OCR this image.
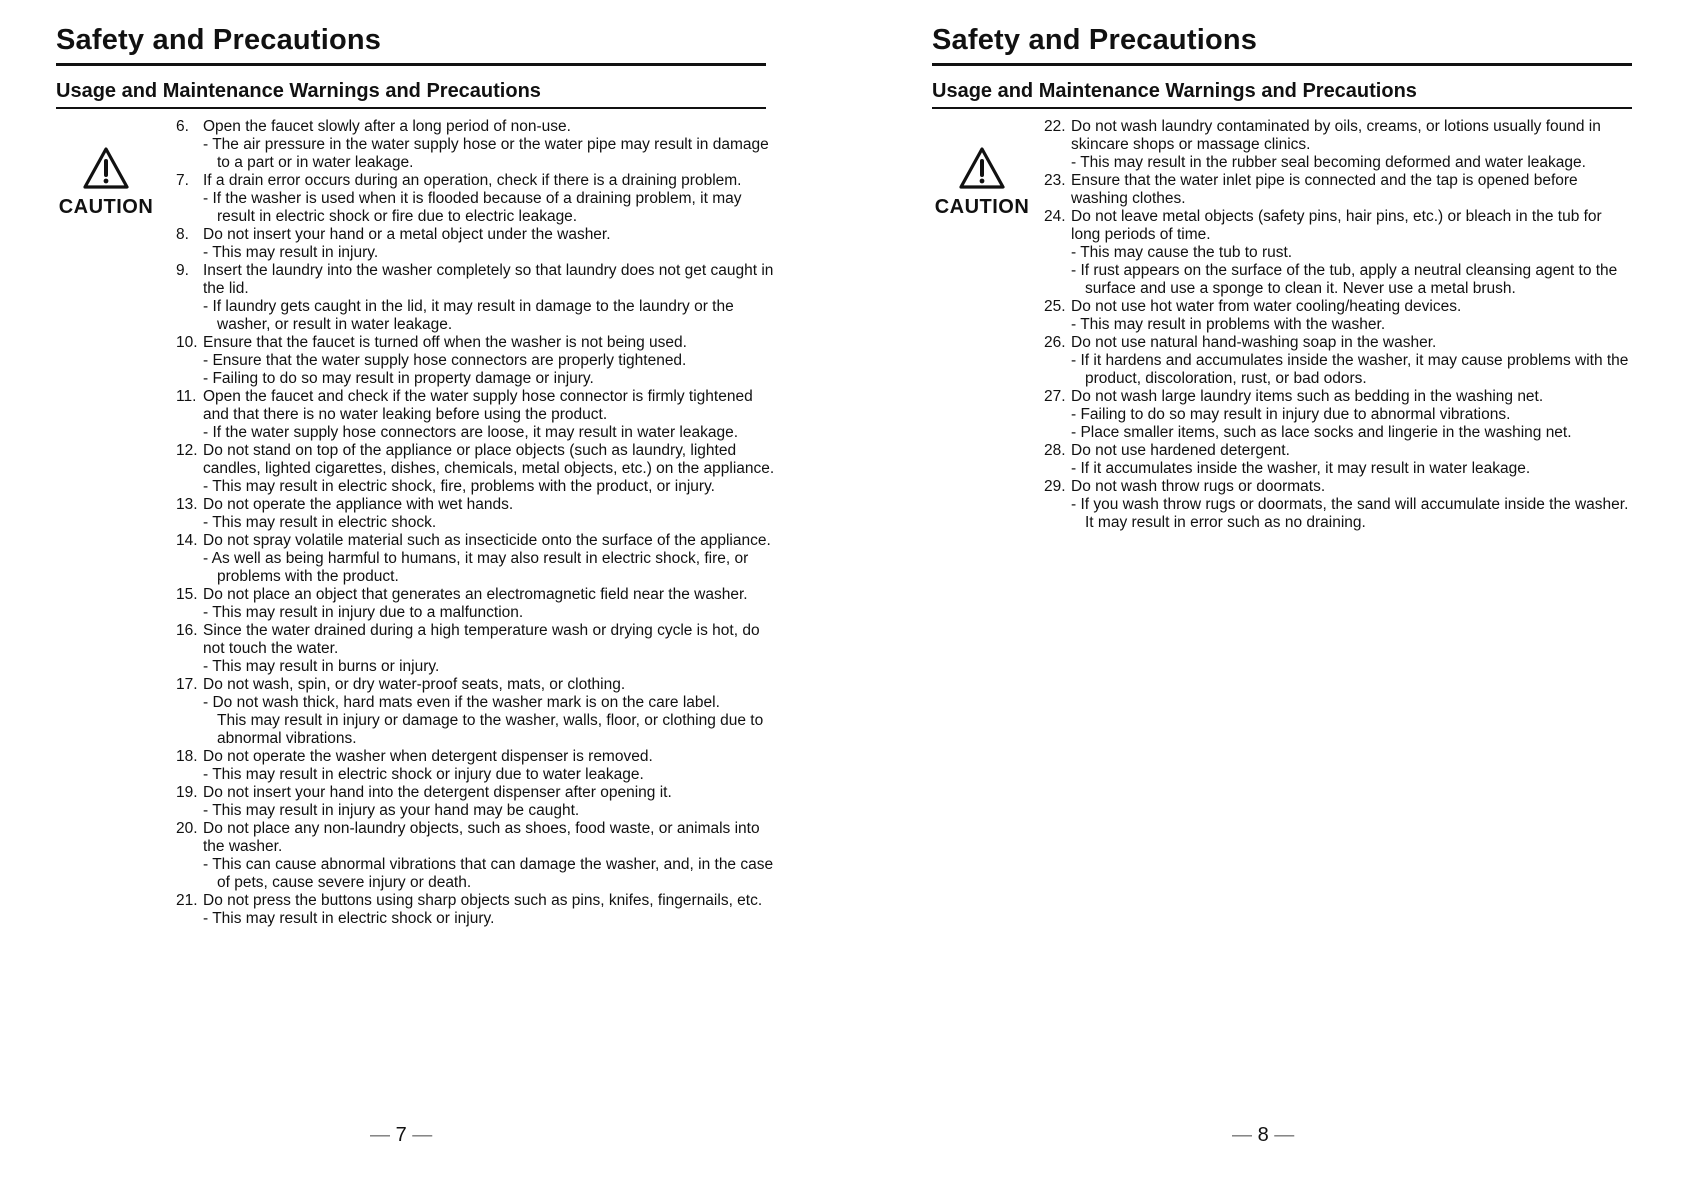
Safety and Precautions
Usage and Maintenance Warnings and Precautions
CAUTION
6. Open the faucet slowly after a long period of non-use.
- The air pressure in the water supply hose or the water pipe may result in damage to a part or in water leakage.
7. If a drain error occurs during an operation, check if there is a draining problem.
- If the washer is used when it is flooded because of a draining problem, it may result in electric shock or fire due to electric leakage.
8. Do not insert your hand or a metal object under the washer.
- This may result in injury.
9. Insert the laundry into the washer completely so that laundry does not get caught in the lid.
- If laundry gets caught in the lid, it may result in damage to the laundry or the washer, or result in water leakage.
10. Ensure that the faucet is turned off when the washer is not being used.
- Ensure that the water supply hose connectors are properly tightened.
- Failing to do so may result in property damage or injury.
11. Open the faucet and check if the water supply hose connector is firmly tightened and that there is no water leaking before using the product.
- If the water supply hose connectors are loose, it may result in water leakage.
12. Do not stand on top of the appliance or place objects (such as laundry, lighted candles, lighted cigarettes, dishes, chemicals, metal objects, etc.) on the appliance.
- This may result in electric shock, fire, problems with the product, or injury.
13. Do not operate the appliance with wet hands.
- This may result in electric shock.
14. Do not spray volatile material such as insecticide onto the surface of the appliance.
- As well as being harmful to humans, it may also result in electric shock, fire, or problems with the product.
15. Do not place an object that generates an electromagnetic field near the washer.
- This may result in injury due to a malfunction.
16. Since the water drained during a high temperature wash or drying cycle is hot, do not touch the water.
- This may result in burns or injury.
17. Do not wash, spin, or dry water-proof seats, mats, or clothing.
- Do not wash thick, hard mats even if the washer mark is on the care label.
This may result in injury or damage to the washer, walls, floor, or clothing due to abnormal vibrations.
18. Do not operate the washer when detergent dispenser is removed.
- This may result in electric shock or injury due to water leakage.
19. Do not insert your hand into the detergent dispenser after opening it.
- This may result in injury as your hand may be caught.
20. Do not place any non-laundry objects, such as shoes, food waste, or animals into the washer.
- This can cause abnormal vibrations that can damage the washer, and, in the case of pets, cause severe injury or death.
21. Do not press the buttons using sharp objects such as pins, knifes, fingernails, etc.
- This may result in electric shock or injury.
— 7 —
Safety and Precautions
Usage and Maintenance Warnings and Precautions
CAUTION
22. Do not wash laundry contaminated by oils, creams, or lotions usually found in skincare shops or massage clinics.
- This may result in the rubber seal becoming deformed and water leakage.
23. Ensure that the water inlet pipe is connected and the tap is opened before washing clothes.
24. Do not leave metal objects (safety pins, hair pins, etc.) or bleach in the tub for long periods of time.
- This may cause the tub to rust.
- If rust appears on the surface of the tub, apply a neutral cleansing agent to the surface and use a sponge to clean it. Never use a metal brush.
25. Do not use hot water from water cooling/heating devices.
- This may result in problems with the washer.
26. Do not use natural hand-washing soap in the washer.
- If it hardens and accumulates inside the washer, it may cause problems with the product, discoloration, rust, or bad odors.
27. Do not wash large laundry items such as bedding in the washing net.
- Failing to do so may result in injury due to abnormal vibrations.
- Place smaller items, such as lace socks and lingerie in the washing net.
28. Do not use hardened detergent.
- If it accumulates inside the washer, it may result in water leakage.
29. Do not wash throw rugs or doormats.
- If you wash throw rugs or doormats, the sand will accumulate inside the washer. It may result in error such as no draining.
— 8 —
